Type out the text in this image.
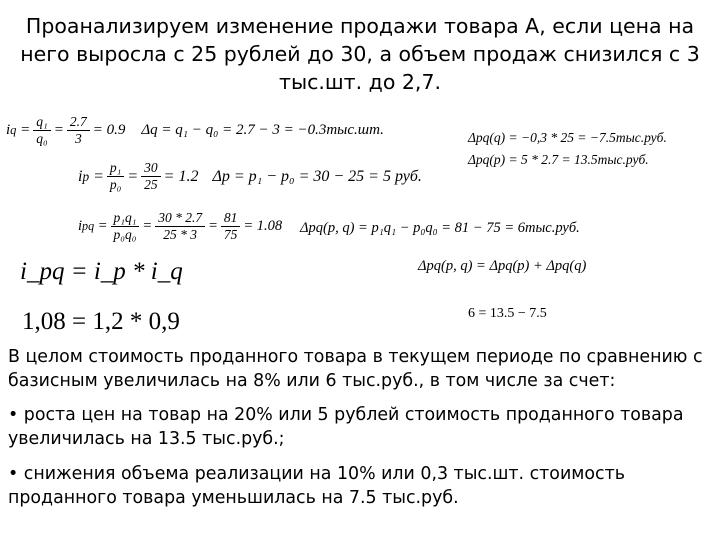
Проанализируем изменение продажи товара А, если цена на него выросла с 25 рублей до 30, а объем продаж снизился с 3 тыс.шт. до 2,7.
i $q = \frac{\text{q₁}}{\text{q₀}} = \frac{2.7}{3} = 0.9$ Δq = q₁ − q₀ = 2.7 − 3 = −0.3тыс.шт.
i $p = \frac{\text{p₁}}{\text{p₀}} = \frac{30}{25} = 1.2$ Δp = p₁ − p₀ = 30 − 25 = 5 руб.
i pq = $\frac{\text{p₁q₁}}{\text{p₀q₀}} = \frac{30 * 2.7}{25 * 3} = \frac{81}{75} = 1.08$ Δpq(p, q) = p₁q₁ − p₀q₀ = 81 − 75 = 6тыс.руб.
i_pq = i_p * i_q
1,08 = 1,2 * 0,9
Δpq(q) = −0,3 * 25 = −7.5тыс.руб.
Δpq(p) = 5 * 2.7 = 13.5тыс.руб.
Δpq(p, q) = Δpq(p) + Δpq(q)
6 = 13.5 − 7.5
В целом стоимость проданного товара в текущем периоде по сравнению с базисным увеличилась на 8% или 6 тыс.руб., в том числе за счет:
• роста цен на товар на 20% или 5 рублей стоимость проданного товара увеличилась на 13.5 тыс.руб.;
• снижения объема реализации на 10% или 0,3 тыс.шт. стоимость проданного товара уменьшилась на 7.5 тыс.руб.
